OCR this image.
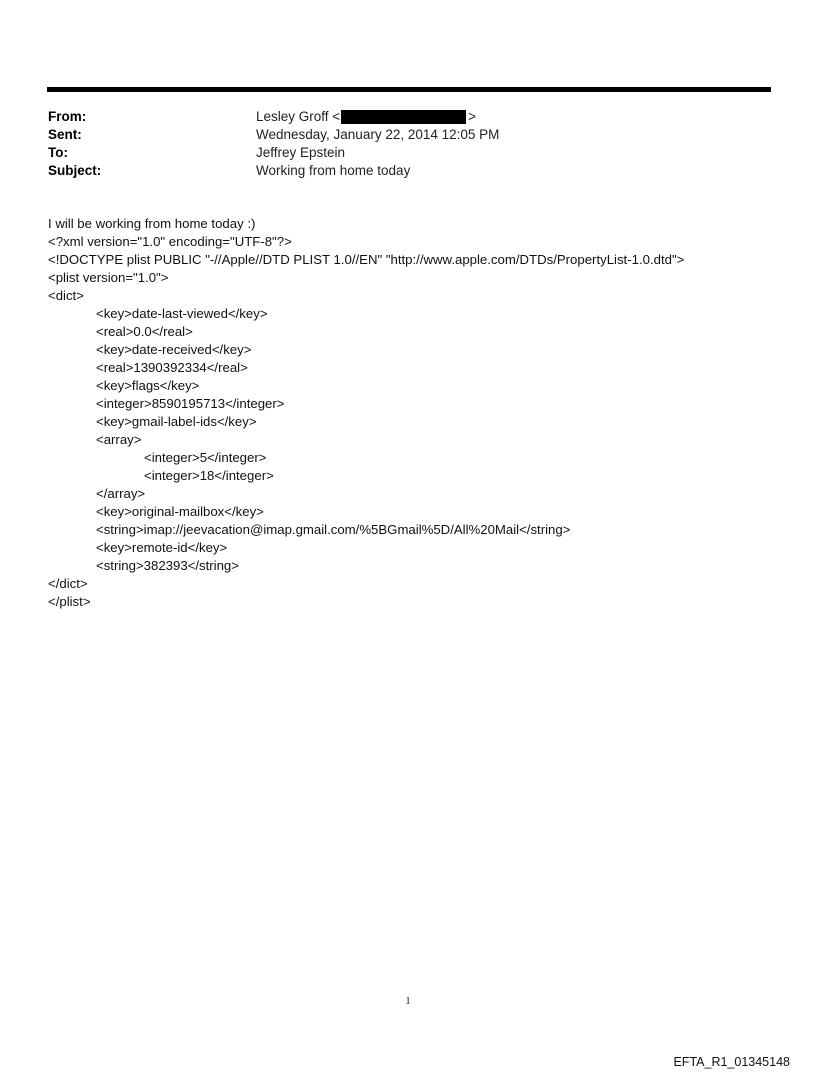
From:	Lesley Groff <	>
Sent:	Wednesday, January 22, 2014 12:05 PM
To:	Jeffrey Epstein
Subject:	Working from home today
I will be working from home today :)
<?xml version="1.0" encoding="UTF-8"?>
<!DOCTYPE plist PUBLIC "-//Apple//DTD PLIST 1.0//EN" "http://www.apple.com/DTDs/PropertyList-1.0.dtd">
<plist version="1.0">
<dict>
<key>date-last-viewed</key>
<real>0.0</real>
<key>date-received</key>
<real>1390392334</real>
<key>flags</key>
<integer>8590195713</integer>
<key>gmail-label-ids</key>
<array>
<integer>5</integer>
<integer>18</integer>
</array>
<key>original-mailbox</key>
<string>imap://jeevacation@imap.gmail.com/%5BGmail%5D/All%20Mail</string>
<key>remote-id</key>
<string>382393</string>
</dict>
</plist>
1
EFTA_R1_01345148
